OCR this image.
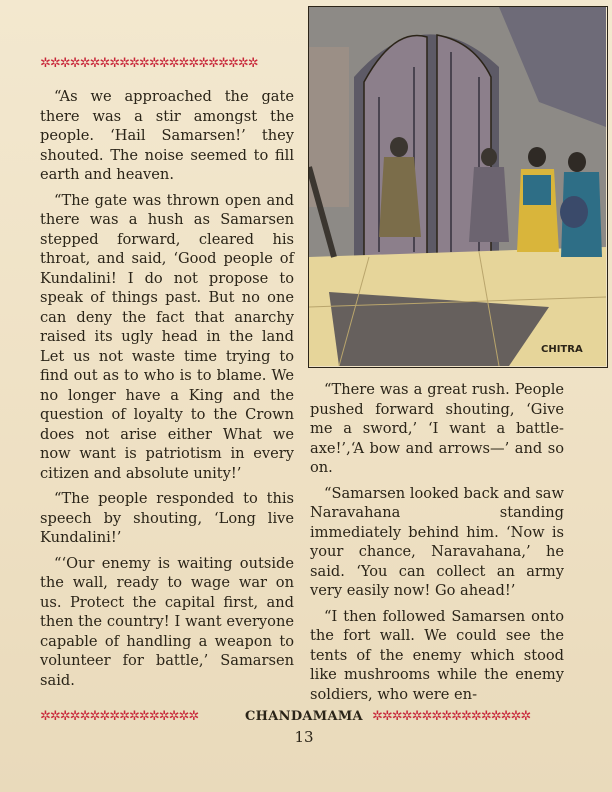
✲✲✲✲✲✲✲✲✲✲✲✲✲✲✲✲✲✲✲✲✲✲

“As we approached the gate there was a stir amongst the people. ‘Hail Samarsen!’ they shouted. The noise seemed to fill earth and heaven.

“The gate was thrown open and there was a hush as Samarsen stepped forward, cleared his throat, and said, ‘Good people of Kundalini! I do not propose to speak of things past. But no one can deny the fact that anarchy raised its ugly head in the land Let us not waste time trying to find out as to who is to blame. We no longer have a King and the question of loyalty to the Crown does not arise either What we now want is patriotism in every citizen and absolute unity!’

“The people responded to this speech by shouting, ‘Long live Kundalini!’

“‘Our enemy is waiting outside the wall, ready to wage war on us. Protect the capital first, and then the country! I want everyone capable of handling a weapon to volunteer for battle,’ Samarsen said.

CHITRA

“There was a great rush. People pushed forward shouting, ‘Give me a sword,’ ‘I want a battle-axe!’,‘A bow and arrows—’ and so on.

“Samarsen looked back and saw Naravahana standing immediately behind him. ‘Now is your chance, Naravahana,’ he said. ‘You can collect an army very easily now! Go ahead!’

“I then followed Samarsen onto the fort wall. We could see the tents of the enemy which stood like mushrooms while the enemy soldiers, who were en-

✲✲✲✲✲✲✲✲✲✲✲✲✲✲✲✲	CHANDAMAMA ✲✲✲✲✲✲✲✲✲✲✲✲✲✲✲✲
13
